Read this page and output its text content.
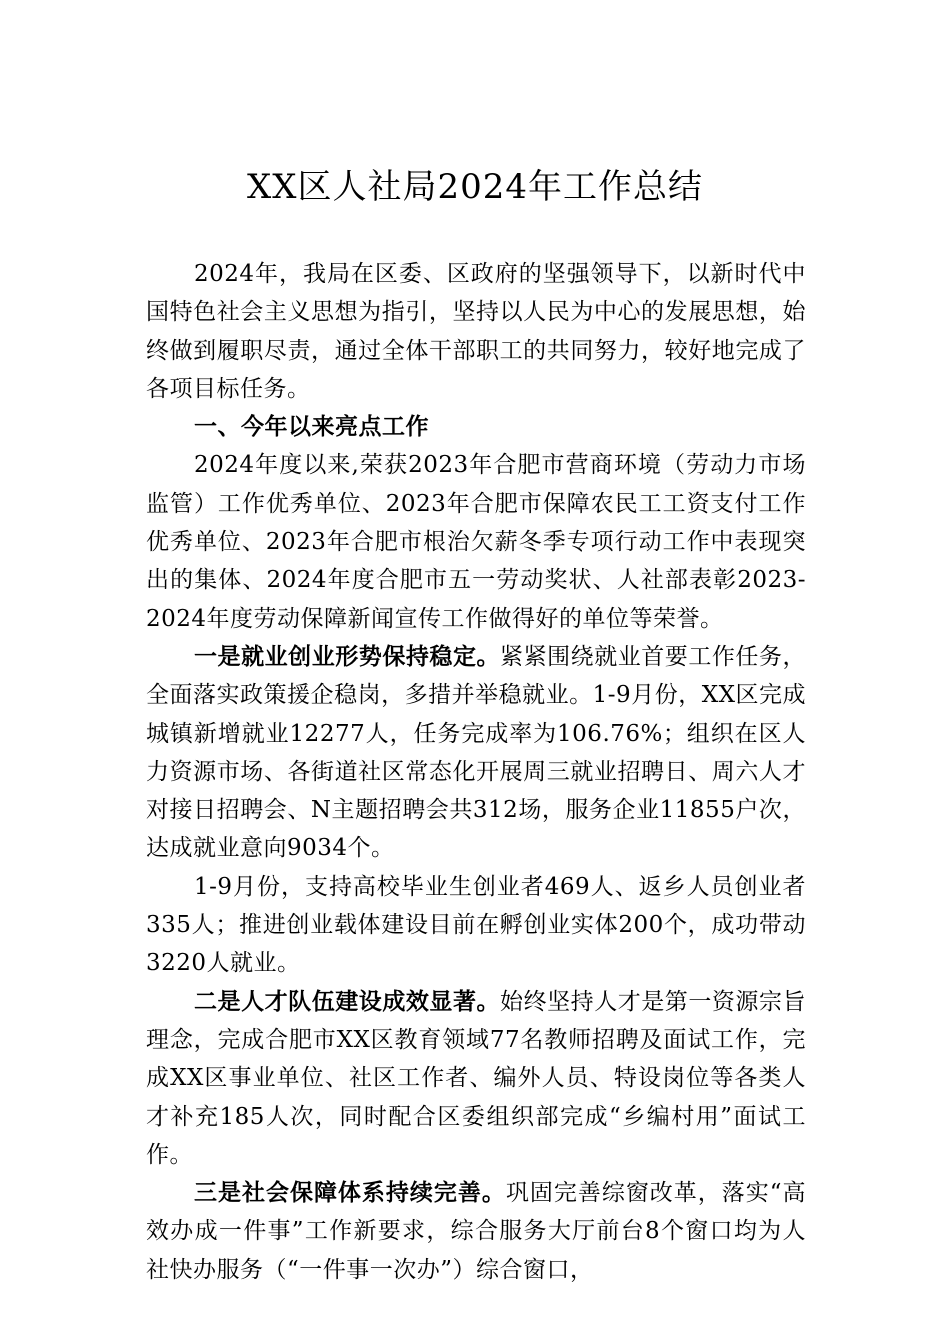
XX区人社局2024年工作总结

2024年，我局在区委、区政府的坚强领导下，以新时代中国特色社会主义思想为指引，坚持以人民为中心的发展思想，始终做到履职尽责，通过全体干部职工的共同努力，较好地完成了各项目标任务。

一、今年以来亮点工作

2024年度以来,荣获2023年合肥市营商环境（劳动力市场监管）工作优秀单位、2023年合肥市保障农民工工资支付工作优秀单位、2023年合肥市根治欠薪冬季专项行动工作中表现突出的集体、2024年度合肥市五一劳动奖状、人社部表彰2023-2024年度劳动保障新闻宣传工作做得好的单位等荣誉。

一是就业创业形势保持稳定。紧紧围绕就业首要工作任务，全面落实政策援企稳岗，多措并举稳就业。1-9月份，XX区完成城镇新增就业12277人，任务完成率为106.76%；组织在区人力资源市场、各街道社区常态化开展周三就业招聘日、周六人才对接日招聘会、N主题招聘会共312场，服务企业11855户次，达成就业意向9034个。

1-9月份，支持高校毕业生创业者469人、返乡人员创业者335人；推进创业载体建设目前在孵创业实体200个，成功带动3220人就业。

二是人才队伍建设成效显著。始终坚持人才是第一资源宗旨理念，完成合肥市XX区教育领域77名教师招聘及面试工作，完成XX区事业单位、社区工作者、编外人员、特设岗位等各类人才补充185人次，同时配合区委组织部完成“乡编村用”面试工作。

三是社会保障体系持续完善。巩固完善综窗改革，落实“高效办成一件事”工作新要求，综合服务大厅前台8个窗口均为人社快办服务（“一件事一次办”）综合窗口，
